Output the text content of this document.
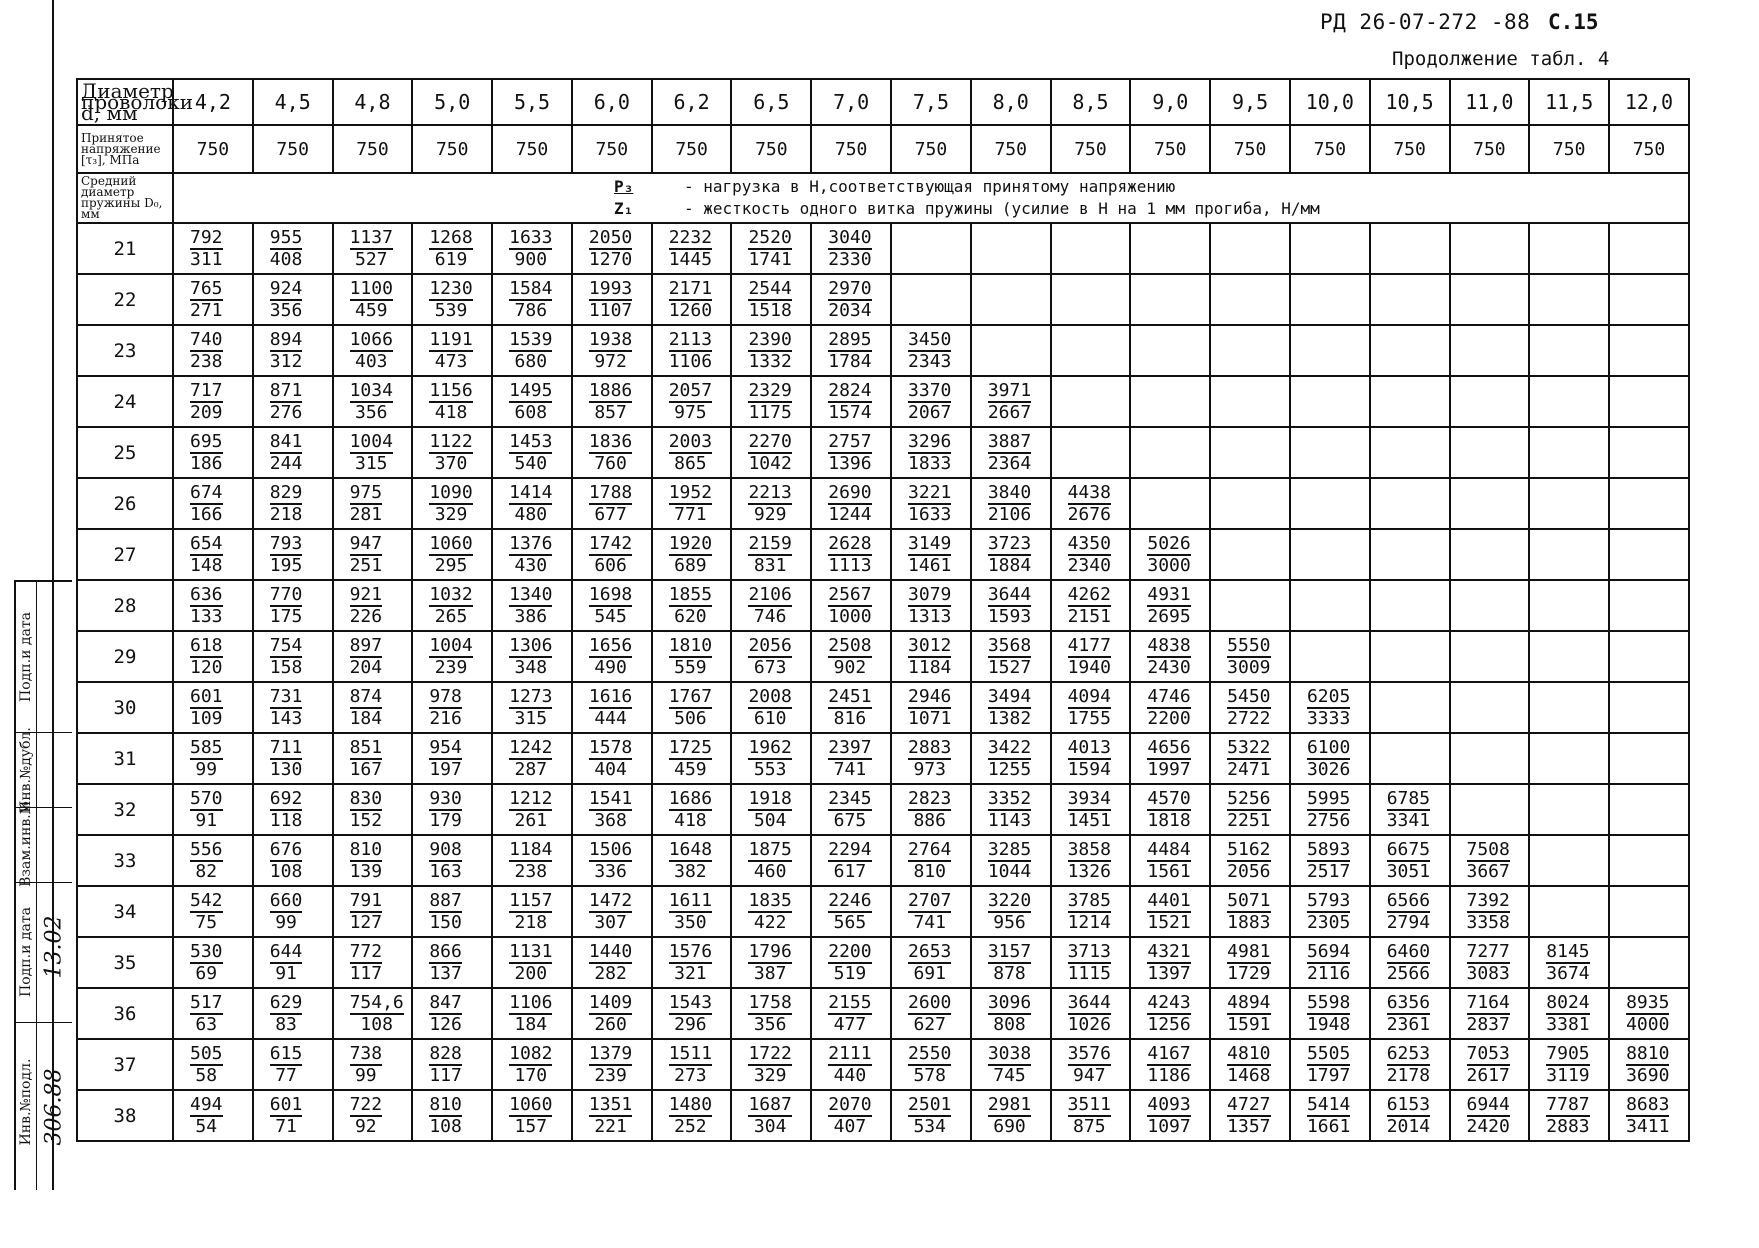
РД 26-07-272 -88 С.15
Продолжение табл. 4
Подп.и дата
Инв.№дубл.
Взам.инв.№
Подп.и дата
Инв.№подл.
13.02
306.88
Диаметр проволоки d, мм	4,2	4,5	4,8	5,0	5,5	6,0	6,2	6,5	7,0	7,5	8,0	8,5	9,0	9,5	10,0	10,5	11,0	11,5	12,0
Принятое напряжение [τ₃], МПа	750	750	750	750	750	750	750	750	750	750	750	750	750	750	750	750	750	750	750
Средний диаметр пружины D₀, мм	P₃ - нагрузка в Н,соответствующая принятому напряжению
Z₁ - жесткость одного витка пружины (усилие в Н на 1 мм прогиба, Н/мм																		

21	$\frac{792}{311}$	$\frac{955}{408}$	$\frac{1137}{527}$	$\frac{1268}{619}$	$\frac{1633}{900}$	$\frac{2050}{1270}$	$\frac{2232}{1445}$	$\frac{2520}{1741}$	$\frac{3040}{2330}$

22	$\frac{765}{271}$	$\frac{924}{356}$	$\frac{1100}{459}$	$\frac{1230}{539}$	$\frac{1584}{786}$	$\frac{1993}{1107}$	$\frac{2171}{1260}$	$\frac{2544}{1518}$	$\frac{2970}{2034}$

23	$\frac{740}{238}$	$\frac{894}{312}$	$\frac{1066}{403}$	$\frac{1191}{473}$	$\frac{1539}{680}$	$\frac{1938}{972}$	$\frac{2113}{1106}$	$\frac{2390}{1332}$	$\frac{2895}{1784}$	$\frac{3450}{2343}$

24	$\frac{717}{209}$	$\frac{871}{276}$	$\frac{1034}{356}$	$\frac{1156}{418}$	$\frac{1495}{608}$	$\frac{1886}{857}$	$\frac{2057}{975}$	$\frac{2329}{1175}$	$\frac{2824}{1574}$	$\frac{3370}{2067}$	$\frac{3971}{2667}$

25	$\frac{695}{186}$	$\frac{841}{244}$	$\frac{1004}{315}$	$\frac{1122}{370}$	$\frac{1453}{540}$	$\frac{1836}{760}$	$\frac{2003}{865}$	$\frac{2270}{1042}$	$\frac{2757}{1396}$	$\frac{3296}{1833}$	$\frac{3887}{2364}$

26	$\frac{674}{166}$	$\frac{829}{218}$	$\frac{975}{281}$	$\frac{1090}{329}$	$\frac{1414}{480}$	$\frac{1788}{677}$	$\frac{1952}{771}$	$\frac{2213}{929}$	$\frac{2690}{1244}$	$\frac{3221}{1633}$	$\frac{3840}{2106}$	$\frac{4438}{2676}$

27	$\frac{654}{148}$	$\frac{793}{195}$	$\frac{947}{251}$	$\frac{1060}{295}$	$\frac{1376}{430}$	$\frac{1742}{606}$	$\frac{1920}{689}$	$\frac{2159}{831}$	$\frac{2628}{1113}$	$\frac{3149}{1461}$	$\frac{3723}{1884}$	$\frac{4350}{2340}$	$\frac{5026}{3000}$

28	$\frac{636}{133}$	$\frac{770}{175}$	$\frac{921}{226}$	$\frac{1032}{265}$	$\frac{1340}{386}$	$\frac{1698}{545}$	$\frac{1855}{620}$	$\frac{2106}{746}$	$\frac{2567}{1000}$	$\frac{3079}{1313}$	$\frac{3644}{1593}$	$\frac{4262}{2151}$	$\frac{4931}{2695}$

29	$\frac{618}{120}$	$\frac{754}{158}$	$\frac{897}{204}$	$\frac{1004}{239}$	$\frac{1306}{348}$	$\frac{1656}{490}$	$\frac{1810}{559}$	$\frac{2056}{673}$	$\frac{2508}{902}$	$\frac{3012}{1184}$	$\frac{3568}{1527}$	$\frac{4177}{1940}$	$\frac{4838}{2430}$	$\frac{5550}{3009}$

30	$\frac{601}{109}$	$\frac{731}{143}$	$\frac{874}{184}$	$\frac{978}{216}$	$\frac{1273}{315}$	$\frac{1616}{444}$	$\frac{1767}{506}$	$\frac{2008}{610}$	$\frac{2451}{816}$	$\frac{2946}{1071}$	$\frac{3494}{1382}$	$\frac{4094}{1755}$	$\frac{4746}{2200}$	$\frac{5450}{2722}$	$\frac{6205}{3333}$

31	$\frac{585}{99}$	$\frac{711}{130}$	$\frac{851}{167}$	$\frac{954}{197}$	$\frac{1242}{287}$	$\frac{1578}{404}$	$\frac{1725}{459}$	$\frac{1962}{553}$	$\frac{2397}{741}$	$\frac{2883}{973}$	$\frac{3422}{1255}$	$\frac{4013}{1594}$	$\frac{4656}{1997}$	$\frac{5322}{2471}$	$\frac{6100}{3026}$

32	$\frac{570}{91}$	$\frac{692}{118}$	$\frac{830}{152}$	$\frac{930}{179}$	$\frac{1212}{261}$	$\frac{1541}{368}$	$\frac{1686}{418}$	$\frac{1918}{504}$	$\frac{2345}{675}$	$\frac{2823}{886}$	$\frac{3352}{1143}$	$\frac{3934}{1451}$	$\frac{4570}{1818}$	$\frac{5256}{2251}$	$\frac{5995}{2756}$	$\frac{6785}{3341}$

33	$\frac{556}{82}$	$\frac{676}{108}$	$\frac{810}{139}$	$\frac{908}{163}$	$\frac{1184}{238}$	$\frac{1506}{336}$	$\frac{1648}{382}$	$\frac{1875}{460}$	$\frac{2294}{617}$	$\frac{2764}{810}$	$\frac{3285}{1044}$	$\frac{3858}{1326}$	$\frac{4484}{1561}$	$\frac{5162}{2056}$	$\frac{5893}{2517}$	$\frac{6675}{3051}$	$\frac{7508}{3667}$

34	$\frac{542}{75}$	$\frac{660}{99}$	$\frac{791}{127}$	$\frac{887}{150}$	$\frac{1157}{218}$	$\frac{1472}{307}$	$\frac{1611}{350}$	$\frac{1835}{422}$	$\frac{2246}{565}$	$\frac{2707}{741}$	$\frac{3220}{956}$	$\frac{3785}{1214}$	$\frac{4401}{1521}$	$\frac{5071}{1883}$	$\frac{5793}{2305}$	$\frac{6566}{2794}$	$\frac{7392}{3358}$

35	$\frac{530}{69}$	$\frac{644}{91}$	$\frac{772}{117}$	$\frac{866}{137}$	$\frac{1131}{200}$	$\frac{1440}{282}$	$\frac{1576}{321}$	$\frac{1796}{387}$	$\frac{2200}{519}$	$\frac{2653}{691}$	$\frac{3157}{878}$	$\frac{3713}{1115}$	$\frac{4321}{1397}$	$\frac{4981}{1729}$	$\frac{5694}{2116}$	$\frac{6460}{2566}$	$\frac{7277}{3083}$	$\frac{8145}{3674}$

36	$\frac{517}{63}$	$\frac{629}{83}$	$\frac{754,6}{108}$	$\frac{847}{126}$	$\frac{1106}{184}$	$\frac{1409}{260}$	$\frac{1543}{296}$	$\frac{1758}{356}$	$\frac{2155}{477}$	$\frac{2600}{627}$	$\frac{3096}{808}$	$\frac{3644}{1026}$	$\frac{4243}{1256}$	$\frac{4894}{1591}$	$\frac{5598}{1948}$	$\frac{6356}{2361}$	$\frac{7164}{2837}$	$\frac{8024}{3381}$	$\frac{8935}{4000}$

37	$\frac{505}{58}$	$\frac{615}{77}$	$\frac{738}{99}$	$\frac{828}{117}$	$\frac{1082}{170}$	$\frac{1379}{239}$	$\frac{1511}{273}$	$\frac{1722}{329}$	$\frac{2111}{440}$	$\frac{2550}{578}$	$\frac{3038}{745}$	$\frac{3576}{947}$	$\frac{4167}{1186}$	$\frac{4810}{1468}$	$\frac{5505}{1797}$	$\frac{6253}{2178}$	$\frac{7053}{2617}$	$\frac{7905}{3119}$	$\frac{8810}{3690}$

38	$\frac{494}{54}$	$\frac{601}{71}$	$\frac{722}{92}$	$\frac{810}{108}$	$\frac{1060}{157}$	$\frac{1351}{221}$	$\frac{1480}{252}$	$\frac{1687}{304}$	$\frac{2070}{407}$	$\frac{2501}{534}$	$\frac{2981}{690}$	$\frac{3511}{875}$	$\frac{4093}{1097}$	$\frac{4727}{1357}$	$\frac{5414}{1661}$	$\frac{6153}{2014}$	$\frac{6944}{2420}$	$\frac{7787}{2883}$	$\frac{8683}{3411}$
